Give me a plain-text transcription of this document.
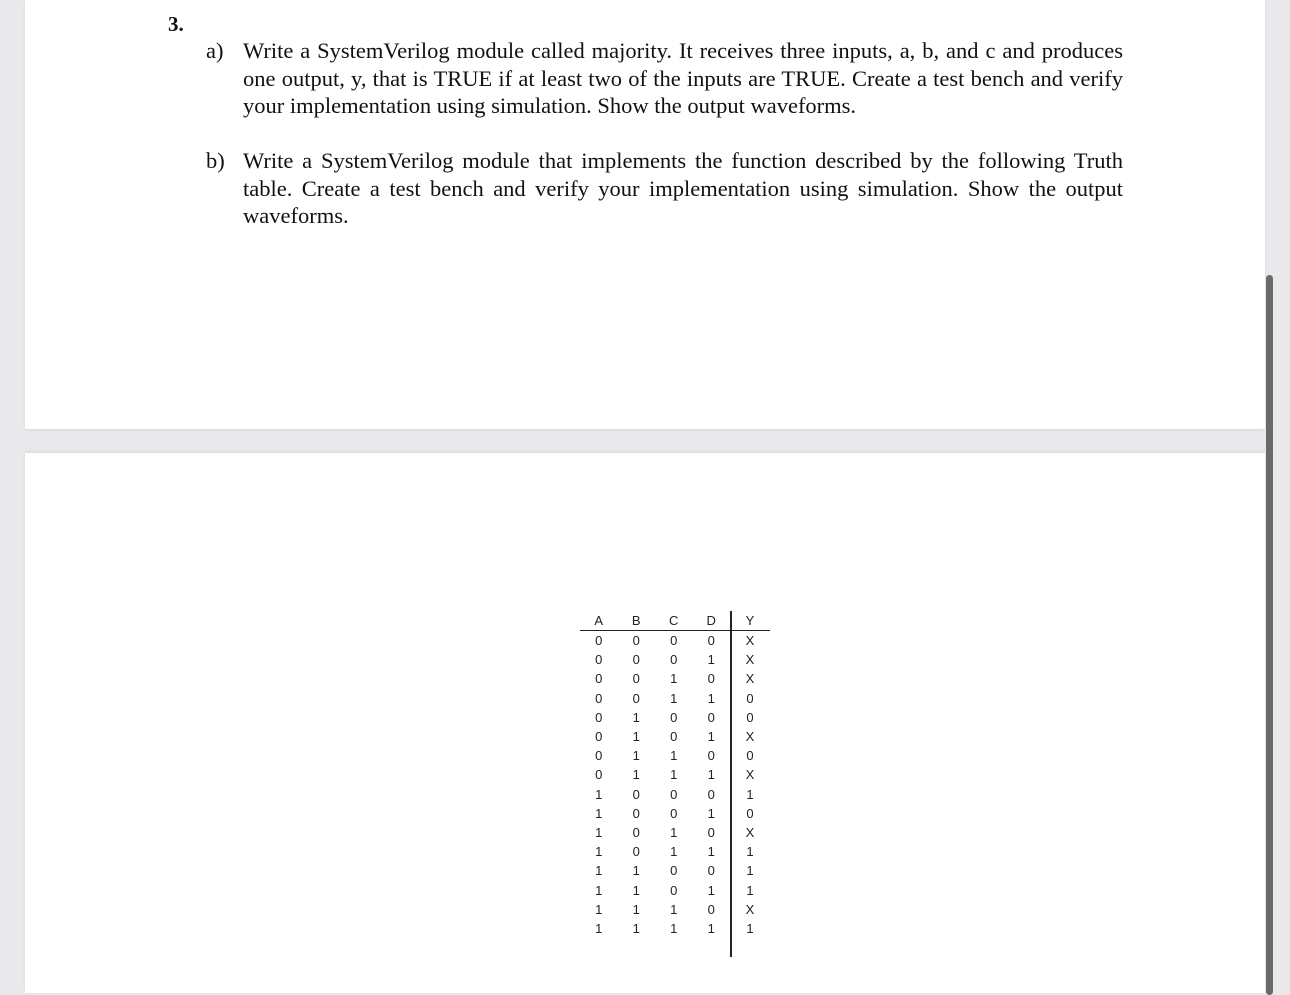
3.
a) Write a SystemVerilog module called majority. It receives three inputs, a, b, and c and produces one output, y, that is TRUE if at least two of the inputs are TRUE. Create a test bench and verify your implementation using simulation. Show the output waveforms.
b) Write a SystemVerilog module that implements the function described by the following Truth table. Create a test bench and verify your implementation using simulation. Show the output waveforms.
A	B	C	D	Y
0	0	0	0	X
0	0	0	1	X
0	0	1	0	X
0	0	1	1	0
0	1	0	0	0
0	1	0	1	X
0	1	1	0	0
0	1	1	1	X
1	0	0	0	1
1	0	0	1	0
1	0	1	0	X
1	0	1	1	1
1	1	0	0	1
1	1	0	1	1
1	1	1	0	X
1	1	1	1	1
